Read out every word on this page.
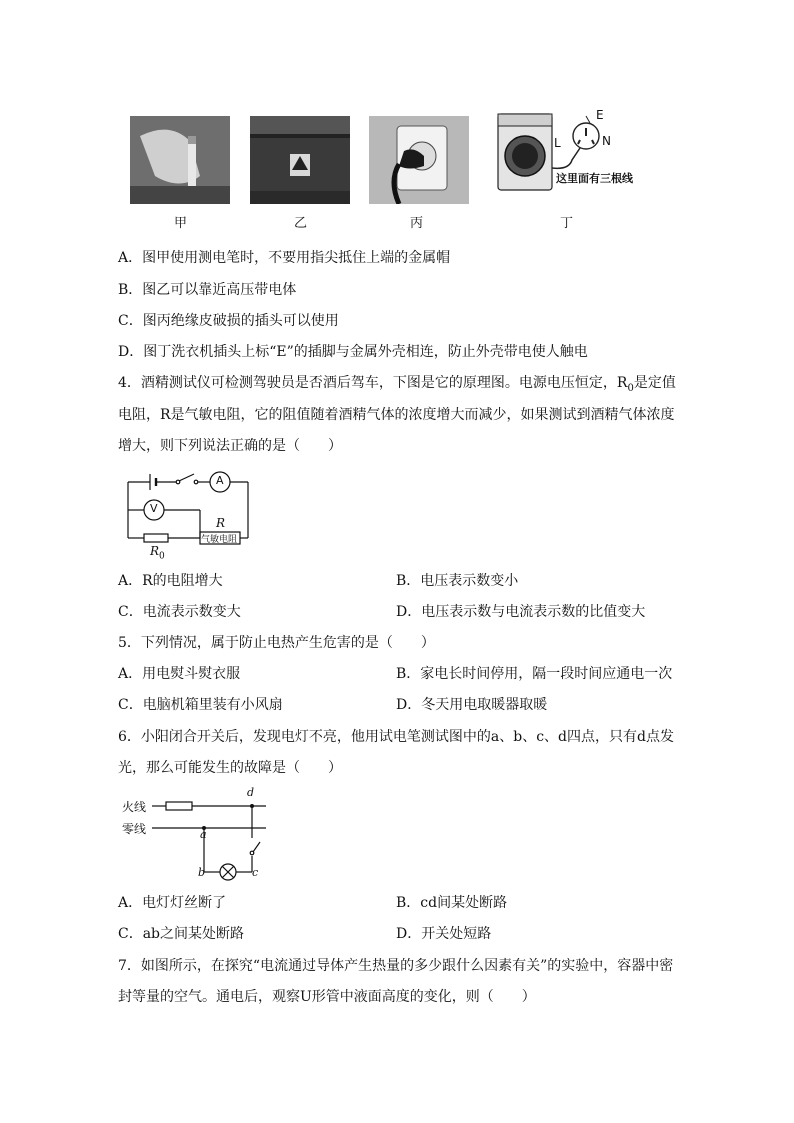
E
L	N
这里面有三根线
甲	乙	丙	丁
A．图甲使用测电笔时，不要用指尖抵住上端的金属帽
B．图乙可以靠近高压带电体
C．图丙绝缘皮破损的插头可以使用
D．图丁洗衣机插头上标“E”的插脚与金属外壳相连，防止外壳带电使人触电
4．酒精测试仪可检测驾驶员是否酒后驾车，下图是它的原理图。电源电压恒定，$R_0$是定值
电阻，R是气敏电阻，它的阻值随着酒精气体的浓度增大而减少，如果测试到酒精气体浓度
增大，则下列说法正确的是（　　）
A
V
R
气敏电阻
$R_0$
A．R的电阻增大	B．电压表示数变小
C．电流表示数变大	D．电压表示数与电流表示数的比值变大
5．下列情况，属于防止电热产生危害的是（　　）
A．用电熨斗熨衣服	B．家电长时间停用，隔一段时间应通电一次
C．电脑机箱里装有小风扇	D．冬天用电取暖器取暖
6．小阳闭合开关后，发现电灯不亮，他用试电笔测试图中的a、b、c、d四点，只有d点发
光，那么可能发生的故障是（　　）
火线
零线	a
b	c
d
A．电灯灯丝断了	B．cd间某处断路
C．ab之间某处断路	D．开关处短路
7．如图所示，在探究“电流通过导体产生热量的多少跟什么因素有关”的实验中，容器中密
封等量的空气。通电后，观察U形管中液面高度的变化，则（　　）
